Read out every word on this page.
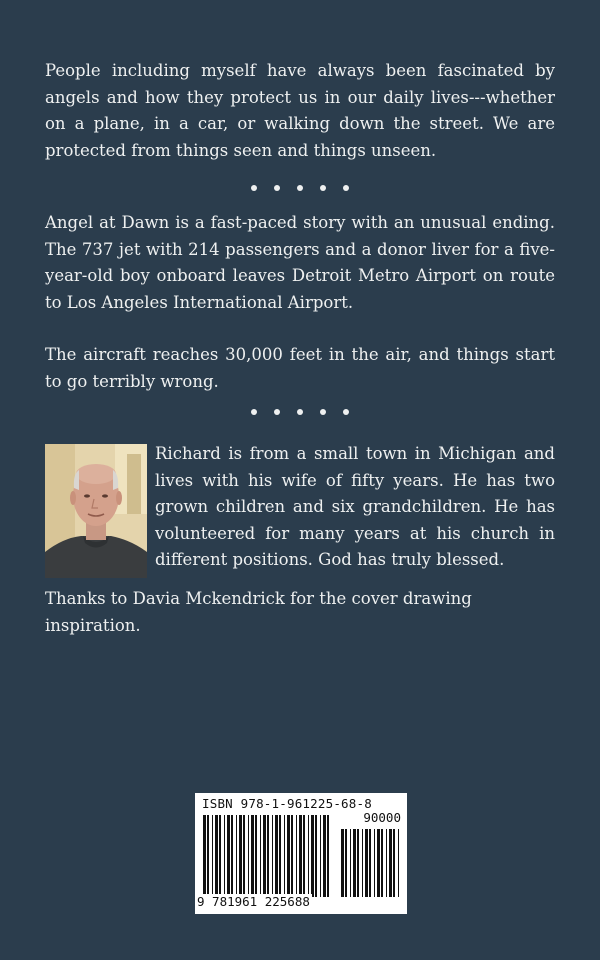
People including myself have always been fascinated by angels and how they protect us in our daily lives---whether on a plane, in a car, or walking down the street. We are protected from things seen and things unseen.

Angel at Dawn is a fast-paced story with an unusual ending. The 737 jet with 214 passengers and a donor liver for a five-year-old boy onboard leaves Detroit Metro Airport on route to Los Angeles International Airport.

The aircraft reaches 30,000 feet in the air, and things start to go terribly wrong.

Richard is from a small town in Michigan and lives with his wife of fifty years. He has two grown children and six grandchildren. He has volunteered for many years at his church in different positions. God has truly blessed.

Thanks to Davia Mckendrick for the cover drawing inspiration.

ISBN 978-1-961225-68-8
90000
9 781961 225688
